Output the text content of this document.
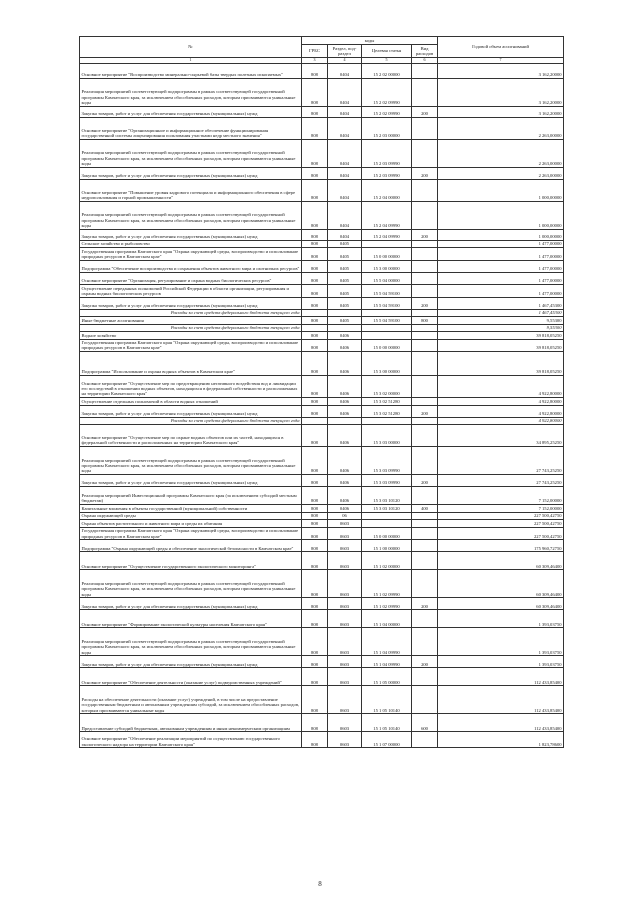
№	коды				Годовой объем ассигнований
	ГРБС	Раздел, под-раздел	Целевая статья	Вид расходов	
1	3	4	5	6	7
Основное мероприятие "Воспроизводство минерально-сырьевой базы твердых полезных ископаемых"	808	0404	15 2 02 00000		3 162,20000
Реализация мероприятий соответствующей подпрограммы в рамках соответствующей государственной программы Камчатского края, за исключением обособленных расходов, которым присваиваются уникальные коды	808	0404	15 2 02 09990		3 162,20000
Закупка товаров, работ и услуг для обеспечения государственных (муниципальных) нужд	808	0404	15 2 02 09990	200	3 162,20000
Основное мероприятие "Организационное и информационное обеспечение функционирования государственной системы лицензирования пользования участками недр местного значения"	808	0404	15 2 03 00000		2 263,00000
Реализация мероприятий соответствующей подпрограммы в рамках соответствующей государственной программы Камчатского края, за исключением обособленных расходов, которым присваиваются уникальные коды	808	0404	15 2 03 09990		2 263,00000
Закупка товаров, работ и услуг для обеспечения государственных (муниципальных) нужд	808	0404	15 2 03 09990	200	2 263,00000
Основное мероприятие "Повышение уровня кадрового потенциала и информационного обеспечения в сфере недропользования и горной промышленности"	808	0404	15 2 04 00000		1 000,00000
Реализация мероприятий соответствующей подпрограммы в рамках соответствующей государственной программы Камчатского края, за исключением обособленных расходов, которым присваиваются уникальные коды	808	0404	15 2 04 09990		1 000,00000
Закупка товаров, работ и услуг для обеспечения государственных (муниципальных) нужд	808	0404	15 2 04 09990	200	1 000,00000
Сельское хозяйство и рыболовство	808	0405			1 477,00000
Государственная программа Камчатского края "Охрана окружающей среды, воспроизводство и использование природных ресурсов в Камчатском крае"	808	0405	15 0 00 00000		1 477,00000
Подпрограмма "Обеспечение воспроизводства и сохранения объектов животного мира и охотничьих ресурсов"	808	0405	15 3 00 00000		1 477,00000
Основное мероприятие "Организация, регулирование и охрана водных биологических ресурсов"	808	0405	15 5 04 00000		1 477,00000
Осуществление переданных полномочий Российской Федерации в области организации, регулирования и охраны водных биологических ресурсов	808	0405	15 5 04 59100		1 477,00000
Закупка товаров, работ и услуг для обеспечения государственных (муниципальных) нужд	808	0405	15 5 04 59100	200	1 467,45300
Расходы за счет средств федерального бюджета текущего года					1 467,45300
Иные бюджетные ассигнования	808	0405	15 5 04 59100	800	9,55300
Расходы за счет средств федерального бюджета текущего года					9,55300
Водное хозяйство	808	0406			39 818,05250
Государственная программа Камчатского края "Охрана окружающей среды, воспроизводство и использование природных ресурсов в Камчатском крае"	808	0406	15 0 00 00000		39 818,05250
Подпрограмма "Использование и охрана водных объектов в Камчатском крае"	808	0406	15 3 00 00000		39 818,05250
Основное мероприятие "Осуществление мер по предотвращению негативного воздействия вод и ликвидации его последствий в отношении водных объектов, находящихся в федеральной собственности и расположенных на территории Камчатского края"	808	0406	15 3 02 00000		4 922,80000
Осуществление отдельных полномочий в области водных отношений	808	0406	15 3 02 51280		4 922,80000
Закупка товаров, работ и услуг для обеспечения государственных (муниципальных) нужд	808	0406	15 3 02 51280	200	4 922,80000
Расходы за счет средств федерального бюджета текущего года					4 922,80000
Основное мероприятие "Осуществление мер по охране водных объектов или их частей, находящихся в федеральной собственности и расположенных на территории Камчатского края"	808	0406	15 3 03 00000		34 895,25250
Реализация мероприятий соответствующей подпрограммы в рамках соответствующей государственной программы Камчатского края, за исключением обособленных расходов, которым присваиваются уникальные коды	808	0406	15 3 03 09990		27 743,25250
Закупка товаров, работ и услуг для обеспечения государственных (муниципальных) нужд	808	0406	15 3 03 09990	200	27 743,25250
Реализация мероприятий Инвестиционной программы Камчатского края (за исключением субсидий местным бюджетам)	808	0406	15 3 03 10120		7 152,00000
Капитальные вложения в объекты государственной (муниципальной) собственности	808	0406	15 3 03 10120	400	7 152,00000
Охрана окружающей среды	808	06			227 500,42750
Охрана объектов растительного и животного мира и среды их обитания	808	0603			227 500,42750
Государственная программа Камчатского края "Охрана окружающей среды, воспроизводство и использование природных ресурсов в Камчатском крае"	808	0603	15 0 00 00000		227 500,42750
Подпрограмма "Охрана окружающей среды и обеспечение экологической безопасности в Камчатском крае"	808	0603	15 1 00 00000		175 960,72750
Основное мероприятие "Осуществление государственного экологического мониторинга"	808	0603	15 1 02 00000		60 309,46400
Реализация мероприятий соответствующей подпрограммы в рамках соответствующей государственной программы Камчатского края, за исключением обособленных расходов, которым присваиваются уникальные коды	808	0603	15 1 02 09990		60 309,46400
Закупка товаров, работ и услуг для обеспечения государственных (муниципальных) нужд	808	0603	15 1 02 09990	200	60 309,46400
Основное мероприятие "Формирование экологической культуры населения Камчатского края"	808	0603	15 1 04 00000		1 393,03750
Реализация мероприятий соответствующей подпрограммы в рамках соответствующей государственной программы Камчатского края, за исключением обособленных расходов, которым присваиваются уникальные коды	808	0603	15 1 04 09990		1 393,03750
Закупка товаров, работ и услуг для обеспечения государственных (муниципальных) нужд	808	0603	15 1 04 09990	200	1 393,03750
Основное мероприятие "Обеспечение деятельности (оказание услуг) подведомственных учреждений"	808	0603	15 1 05 00000		112 433,85400
Расходы на обеспечение деятельности (оказание услуг) учреждений, в том числе на предоставление государственным бюджетным и автономным учреждениям субсидий, за исключением обособленных расходов, которым присваиваются уникальные коды	808	0603	15 1 05 10140		112 433,85400
Предоставление субсидий бюджетным, автономным учреждениям и иным некоммерческим организациям	808	0603	15 1 05 10140	600	112 433,85400
Основное мероприятие "Обеспечение реализации мероприятий по осуществлению государственного экологического надзора на территории Камчатского края"	808	0603	15 1 07 00000		1 823,78600
8
